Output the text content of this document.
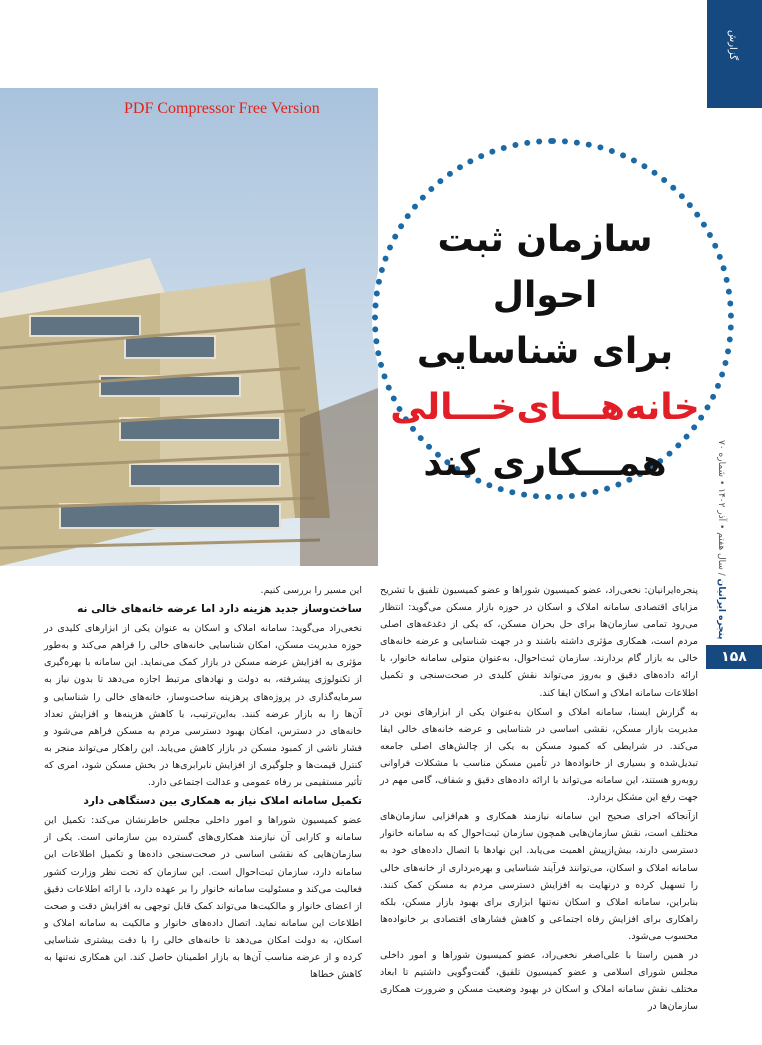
PDF Compressor Free Version
گزارش
سازمان ثبت احوال
برای شناسایی
خانه‌هـــای‌خـــالی
همـــکاری کند
پنجره ایرانیان / سال هفتم • آذر ۱۴۰۲ • شماره ۷۰
۱۵۸

پنجره‌ایرانیان: نخعی‌راد، عضو کمیسیون شوراها و عضو کمیسیون تلفیق با تشریح مزایای اقتصادی سامانه املاک و اسکان در حوزه بازار مسکن می‌گوید: انتظار می‌رود تمامی سازمان‌ها برای حل بحران مسکن، که یکی از دغدغه‌های اصلی مردم است، همکاری مؤثری داشته باشند و در جهت شناسایی و عرضه خانه‌های خالی به بازار گام بردارند. سازمان ثبت‌احوال، به‌عنوان متولی سامانه خانوار، با ارائه داده‌های دقیق و به‌روز می‌تواند نقش کلیدی در صحت‌سنجی و تکمیل اطلاعات سامانه املاک و اسکان ایفا کند.

به گزارش ایسنا، سامانه املاک و اسکان به‌عنوان یکی از ابزارهای نوین در مدیریت بازار مسکن، نقشی اساسی در شناسایی و عرضه خانه‌های خالی ایفا می‌کند. در شرایطی که کمبود مسکن به یکی از چالش‌های اصلی جامعه تبدیل‌شده و بسیاری از خانواده‌ها در تأمین مسکن مناسب با مشکلات فراوانی روبه‌رو هستند، این سامانه می‌تواند با ارائه داده‌های دقیق و شفاف، گامی مهم در جهت رفع این مشکل بردارد.

ازآنجاکه اجرای صحیح این سامانه نیازمند همکاری و هم‌افزایی سازمان‌های مختلف است، نقش سازمان‌هایی همچون سازمان ثبت‌احوال که به سامانه خانوار دسترسی دارند، بیش‌ازپیش اهمیت می‌یابد. این نهادها با اتصال داده‌های خود به سامانه املاک و اسکان، می‌توانند فرآیند شناسایی و بهره‌برداری از خانه‌های خالی را تسهیل کرده و درنهایت به افزایش دسترسی مردم به مسکن کمک کنند. بنابراین، سامانه املاک و اسکان نه‌تنها ابزاری برای بهبود بازار مسکن، بلکه راهکاری برای افزایش رفاه اجتماعی و کاهش فشارهای اقتصادی بر خانواده‌ها محسوب می‌شود.

در همین راستا با علی‌اصغر نخعی‌راد، عضو کمیسیون شوراها و امور داخلی مجلس شورای اسلامی و عضو کمیسیون تلفیق، گفت‌وگویی داشتیم تا ابعاد مختلف نقش سامانه املاک و اسکان در بهبود وضعیت مسکن و ضرورت همکاری سازمان‌ها در

این مسیر را بررسی کنیم.

ساخت‌وساز جدید هزینه دارد اما عرضه خانه‌های خالی نه

نخعی‌راد می‌گوید: سامانه املاک و اسکان به عنوان یکی از ابزارهای کلیدی در حوزه مدیریت مسکن، امکان شناسایی خانه‌های خالی را فراهم می‌کند و به‌طور مؤثری به افزایش عرضه مسکن در بازار کمک می‌نماید. این سامانه با بهره‌گیری از تکنولوژی پیشرفته، به دولت و نهادهای مرتبط اجازه می‌دهد تا بدون نیاز به سرمایه‌گذاری در پروژه‌های پرهزینه ساخت‌وساز، خانه‌های خالی را شناسایی و آن‌ها را به بازار عرضه کنند. به‌این‌ترتیب، با کاهش هزینه‌ها و افزایش تعداد خانه‌های در دسترس، امکان بهبود دسترسی مردم به مسکن فراهم می‌شود و فشار ناشی از کمبود مسکن در بازار کاهش می‌یابد. این راهکار می‌تواند منجر به کنترل قیمت‌ها و جلوگیری از افزایش نابرابری‌ها در بخش مسکن شود، امری که تأثیر مستقیمی بر رفاه عمومی و عدالت اجتماعی دارد.

تکمیل سامانه املاک نیاز به همکاری بین دستگاهی دارد

عضو کمیسیون شوراها و امور داخلی مجلس خاطرنشان می‌کند: تکمیل این سامانه و کارایی آن نیازمند همکاری‌های گسترده بین سازمانی است. یکی از سازمان‌هایی که نقشی اساسی در صحت‌سنجی داده‌ها و تکمیل اطلاعات این سامانه دارد، سازمان ثبت‌احوال است. این سازمان که تحت نظر وزارت کشور فعالیت می‌کند و مسئولیت سامانه خانوار را بر عهده دارد، با ارائه اطلاعات دقیق از اعضای خانوار و مالکیت‌ها می‌تواند کمک قابل توجهی به افزایش دقت و صحت اطلاعات این سامانه نماید. اتصال داده‌های خانوار و مالکیت به سامانه املاک و اسکان، به دولت امکان می‌دهد تا خانه‌های خالی را با دقت بیشتری شناسایی کرده و از عرضه مناسب آن‌ها به بازار اطمینان حاصل کند. این همکاری نه‌تنها به کاهش خطاها
